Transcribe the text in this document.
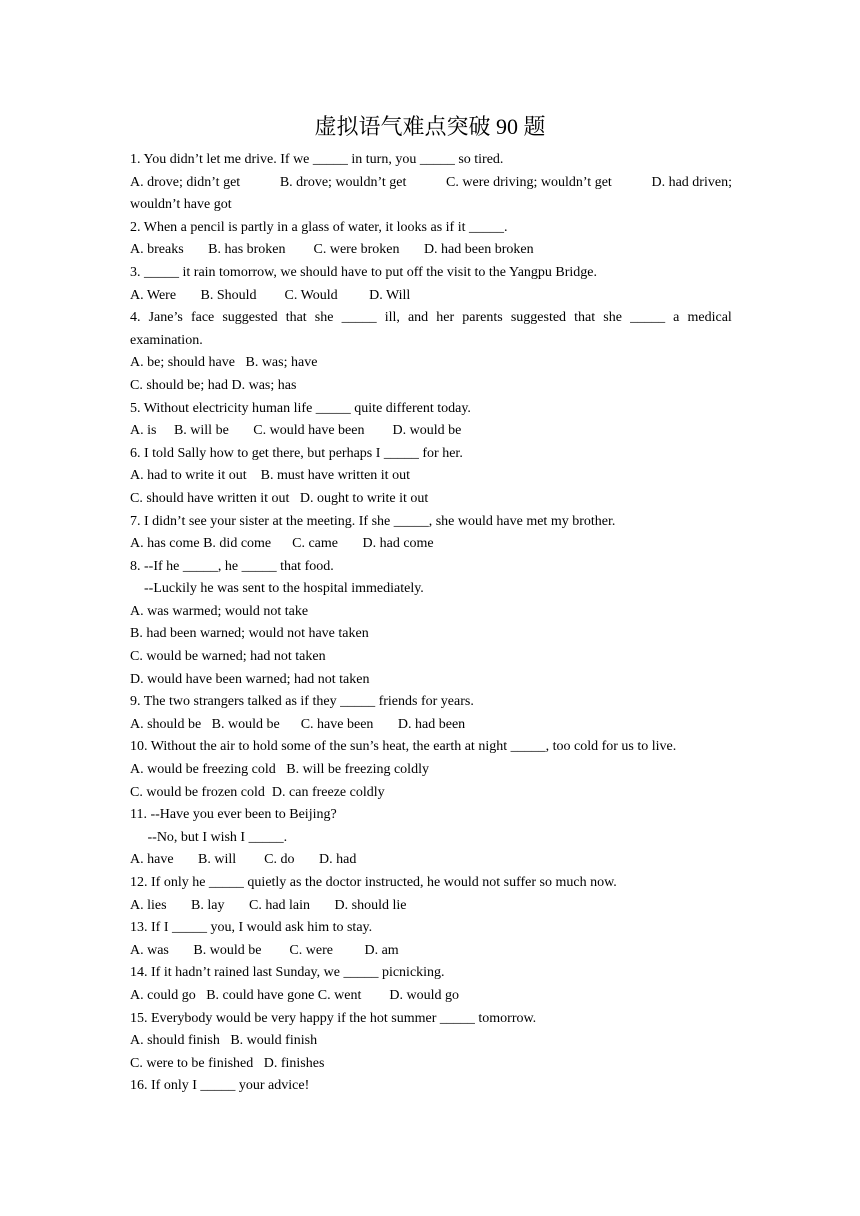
虚拟语气难点突破 90 题
1. You didn’t let me drive. If we _____ in turn, you _____ so tired.
A. drove; didn’t get	B. drove; wouldn’t get	C. were driving; wouldn’t get	D. had driven;
wouldn’t have got
2. When a pencil is partly in a glass of water, it looks as if it _____.
A. breaks       B. has broken        C. were broken       D. had been broken
3. _____ it rain tomorrow, we should have to put off the visit to the Yangpu Bridge.
A. Were       B. Should        C. Would         D. Will
4. Jane’s face suggested that she _____ ill, and her parents suggested that she _____ a medical
examination.
A. be; should have   B. was; have
C. should be; had D. was; has
5. Without electricity human life _____ quite different today.
A. is     B. will be       C. would have been        D. would be
6. I told Sally how to get there, but perhaps I _____ for her.
A. had to write it out    B. must have written it out
C. should have written it out   D. ought to write it out
7. I didn’t see your sister at the meeting. If she _____, she would have met my brother.
A. has come B. did come      C. came       D. had come
8. --If he _____, he _____ that food.
--Luckily he was sent to the hospital immediately.
A. was warmed; would not take
B. had been warned; would not have taken
C. would be warned; had not taken
D. would have been warned; had not taken
9. The two strangers talked as if they _____ friends for years.
A. should be   B. would be      C. have been       D. had been
10. Without the air to hold some of the sun’s heat, the earth at night _____, too cold for us to live.
A. would be freezing cold   B. will be freezing coldly
C. would be frozen cold  D. can freeze coldly
11. --Have you ever been to Beijing?
--No, but I wish I _____.
A. have       B. will        C. do       D. had
12. If only he _____ quietly as the doctor instructed, he would not suffer so much now.
A. lies       B. lay       C. had lain       D. should lie
13. If I _____ you, I would ask him to stay.
A. was       B. would be        C. were         D. am
14. If it hadn’t rained last Sunday, we _____ picnicking.
A. could go   B. could have gone C. went        D. would go
15. Everybody would be very happy if the hot summer _____ tomorrow.
A. should finish   B. would finish
C. were to be finished   D. finishes
16. If only I _____ your advice!
